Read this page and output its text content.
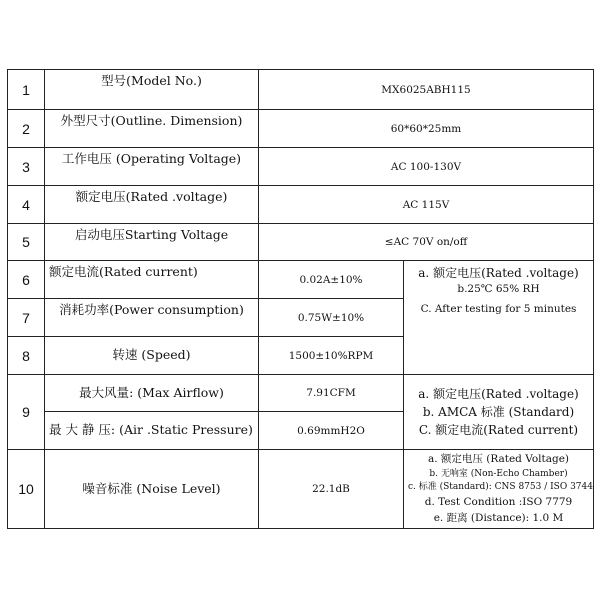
1	型号(Model No.)	MX6025ABH115	
2	外型尺寸(Outline. Dimension)	60*60*25mm	
3	工作电压 (Operating Voltage)	AC 100-130V	
4	额定电压(Rated .voltage)	AC 115V	
5	启动电压Starting Voltage	≤AC 70V on/off	
6	额定电流(Rated current)	0.02A±10%	a. 额定电压(Rated .voltage)
b.25℃ 65% RH
C. After testing for 5 minutes

7	消耗功率(Power consumption)	0.75W±10%	
8	转速 (Speed)	1500±10%RPM	
9	最大风量: (Max Airflow)	7.91CFM	a. 额定电压(Rated .voltage)
b. AMCA 标准 (Standard)
C. 额定电流(Rated current)

	最 大 静 压: (Air .Static Pressure)	0.69mmH2O	
10	噪音标准 (Noise Level)	22.1dB	a. 额定电压 (Rated Voltage)
b. 无响室 (Non-Echo Chamber)
c. 标准 (Standard): CNS 8753 / ISO 3744
d. Test Condition :ISO 7779
e. 距离 (Distance): 1.0 M
